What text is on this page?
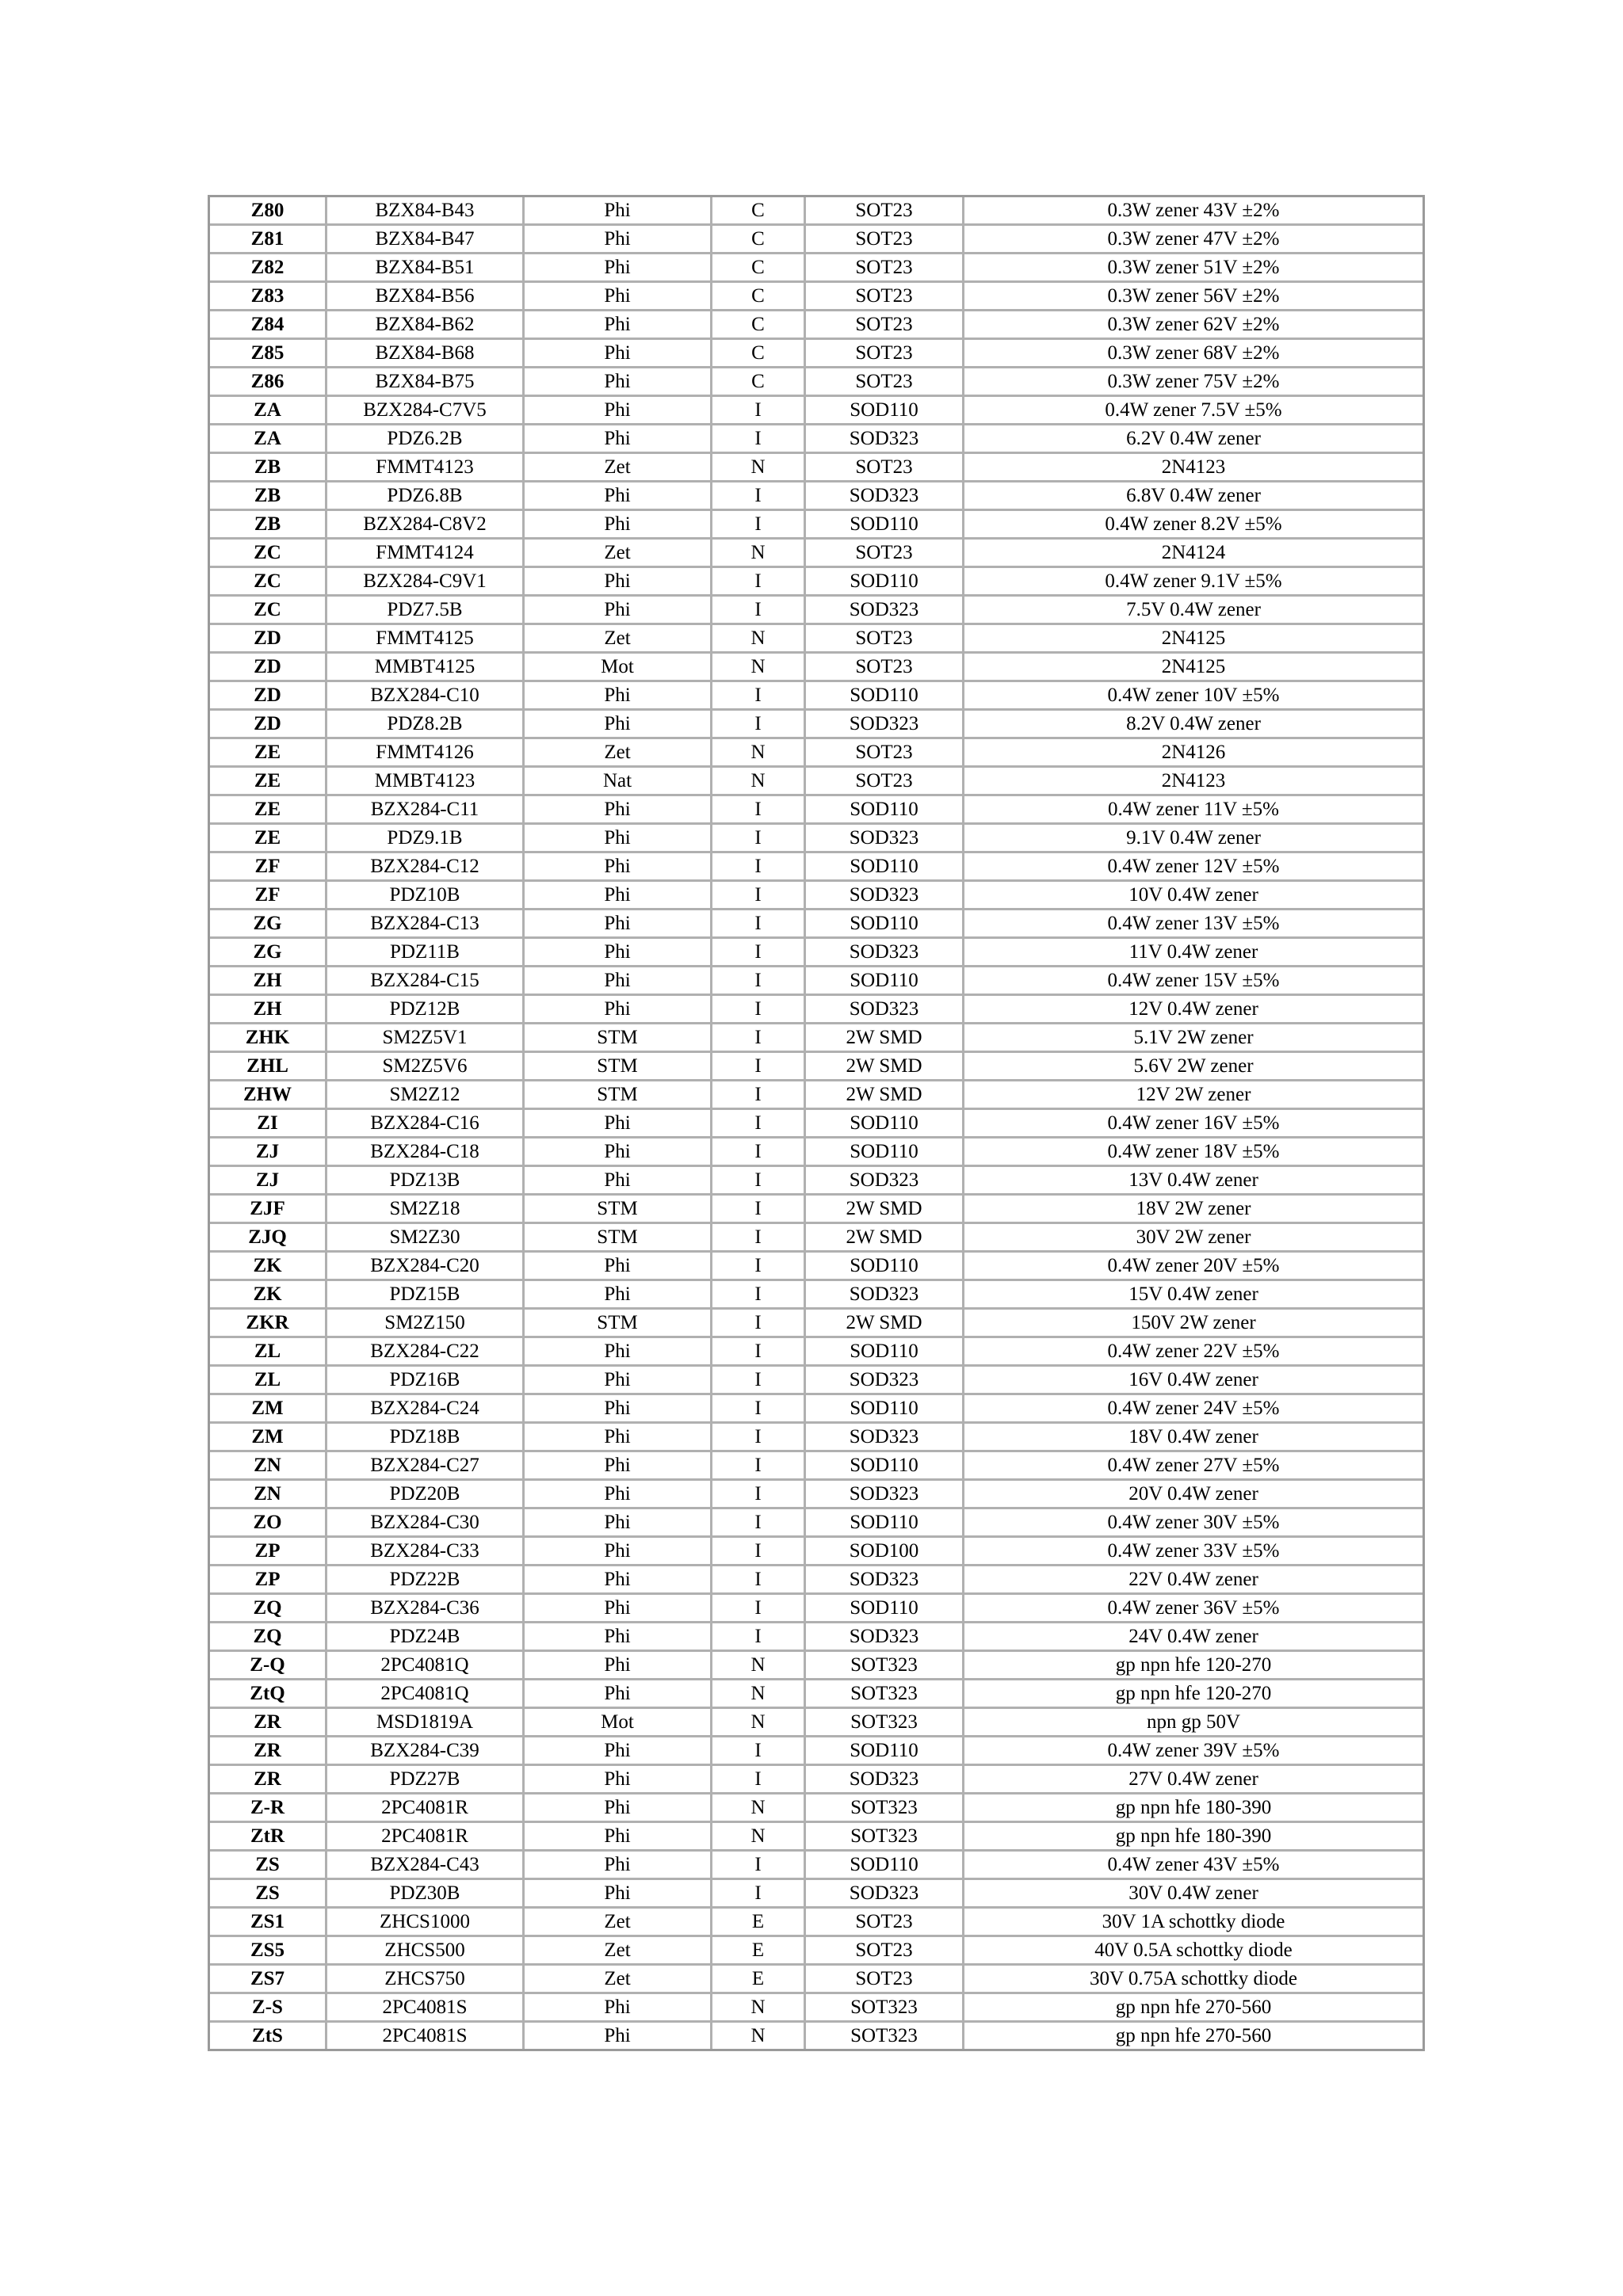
Z80	BZX84-B43	Phi	C	SOT23	0.3W zener 43V ±2%
Z81	BZX84-B47	Phi	C	SOT23	0.3W zener 47V ±2%
Z82	BZX84-B51	Phi	C	SOT23	0.3W zener 51V ±2%
Z83	BZX84-B56	Phi	C	SOT23	0.3W zener 56V ±2%
Z84	BZX84-B62	Phi	C	SOT23	0.3W zener 62V ±2%
Z85	BZX84-B68	Phi	C	SOT23	0.3W zener 68V ±2%
Z86	BZX84-B75	Phi	C	SOT23	0.3W zener 75V ±2%
ZA	BZX284-C7V5	Phi	I	SOD110	0.4W zener 7.5V ±5%
ZA	PDZ6.2B	Phi	I	SOD323	6.2V 0.4W zener
ZB	FMMT4123	Zet	N	SOT23	2N4123
ZB	PDZ6.8B	Phi	I	SOD323	6.8V 0.4W zener
ZB	BZX284-C8V2	Phi	I	SOD110	0.4W zener 8.2V ±5%
ZC	FMMT4124	Zet	N	SOT23	2N4124
ZC	BZX284-C9V1	Phi	I	SOD110	0.4W zener 9.1V ±5%
ZC	PDZ7.5B	Phi	I	SOD323	7.5V 0.4W zener
ZD	FMMT4125	Zet	N	SOT23	2N4125
ZD	MMBT4125	Mot	N	SOT23	2N4125
ZD	BZX284-C10	Phi	I	SOD110	0.4W zener 10V ±5%
ZD	PDZ8.2B	Phi	I	SOD323	8.2V 0.4W zener
ZE	FMMT4126	Zet	N	SOT23	2N4126
ZE	MMBT4123	Nat	N	SOT23	2N4123
ZE	BZX284-C11	Phi	I	SOD110	0.4W zener 11V ±5%
ZE	PDZ9.1B	Phi	I	SOD323	9.1V 0.4W zener
ZF	BZX284-C12	Phi	I	SOD110	0.4W zener 12V ±5%
ZF	PDZ10B	Phi	I	SOD323	10V 0.4W zener
ZG	BZX284-C13	Phi	I	SOD110	0.4W zener 13V ±5%
ZG	PDZ11B	Phi	I	SOD323	11V 0.4W zener
ZH	BZX284-C15	Phi	I	SOD110	0.4W zener 15V ±5%
ZH	PDZ12B	Phi	I	SOD323	12V 0.4W zener
ZHK	SM2Z5V1	STM	I	2W SMD	5.1V 2W zener
ZHL	SM2Z5V6	STM	I	2W SMD	5.6V 2W zener
ZHW	SM2Z12	STM	I	2W SMD	12V 2W zener
ZI	BZX284-C16	Phi	I	SOD110	0.4W zener 16V ±5%
ZJ	BZX284-C18	Phi	I	SOD110	0.4W zener 18V ±5%
ZJ	PDZ13B	Phi	I	SOD323	13V 0.4W zener
ZJF	SM2Z18	STM	I	2W SMD	18V 2W zener
ZJQ	SM2Z30	STM	I	2W SMD	30V 2W zener
ZK	BZX284-C20	Phi	I	SOD110	0.4W zener 20V ±5%
ZK	PDZ15B	Phi	I	SOD323	15V 0.4W zener
ZKR	SM2Z150	STM	I	2W SMD	150V 2W zener
ZL	BZX284-C22	Phi	I	SOD110	0.4W zener 22V ±5%
ZL	PDZ16B	Phi	I	SOD323	16V 0.4W zener
ZM	BZX284-C24	Phi	I	SOD110	0.4W zener 24V ±5%
ZM	PDZ18B	Phi	I	SOD323	18V 0.4W zener
ZN	BZX284-C27	Phi	I	SOD110	0.4W zener 27V ±5%
ZN	PDZ20B	Phi	I	SOD323	20V 0.4W zener
ZO	BZX284-C30	Phi	I	SOD110	0.4W zener 30V ±5%
ZP	BZX284-C33	Phi	I	SOD100	0.4W zener 33V ±5%
ZP	PDZ22B	Phi	I	SOD323	22V 0.4W zener
ZQ	BZX284-C36	Phi	I	SOD110	0.4W zener 36V ±5%
ZQ	PDZ24B	Phi	I	SOD323	24V 0.4W zener
Z-Q	2PC4081Q	Phi	N	SOT323	gp npn hfe 120-270
ZtQ	2PC4081Q	Phi	N	SOT323	gp npn hfe 120-270
ZR	MSD1819A	Mot	N	SOT323	npn gp 50V
ZR	BZX284-C39	Phi	I	SOD110	0.4W zener 39V ±5%
ZR	PDZ27B	Phi	I	SOD323	27V 0.4W zener
Z-R	2PC4081R	Phi	N	SOT323	gp npn hfe 180-390
ZtR	2PC4081R	Phi	N	SOT323	gp npn hfe 180-390
ZS	BZX284-C43	Phi	I	SOD110	0.4W zener 43V ±5%
ZS	PDZ30B	Phi	I	SOD323	30V 0.4W zener
ZS1	ZHCS1000	Zet	E	SOT23	30V 1A schottky diode
ZS5	ZHCS500	Zet	E	SOT23	40V 0.5A schottky diode
ZS7	ZHCS750	Zet	E	SOT23	30V 0.75A schottky diode
Z-S	2PC4081S	Phi	N	SOT323	gp npn hfe 270-560
ZtS	2PC4081S	Phi	N	SOT323	gp npn hfe 270-560
